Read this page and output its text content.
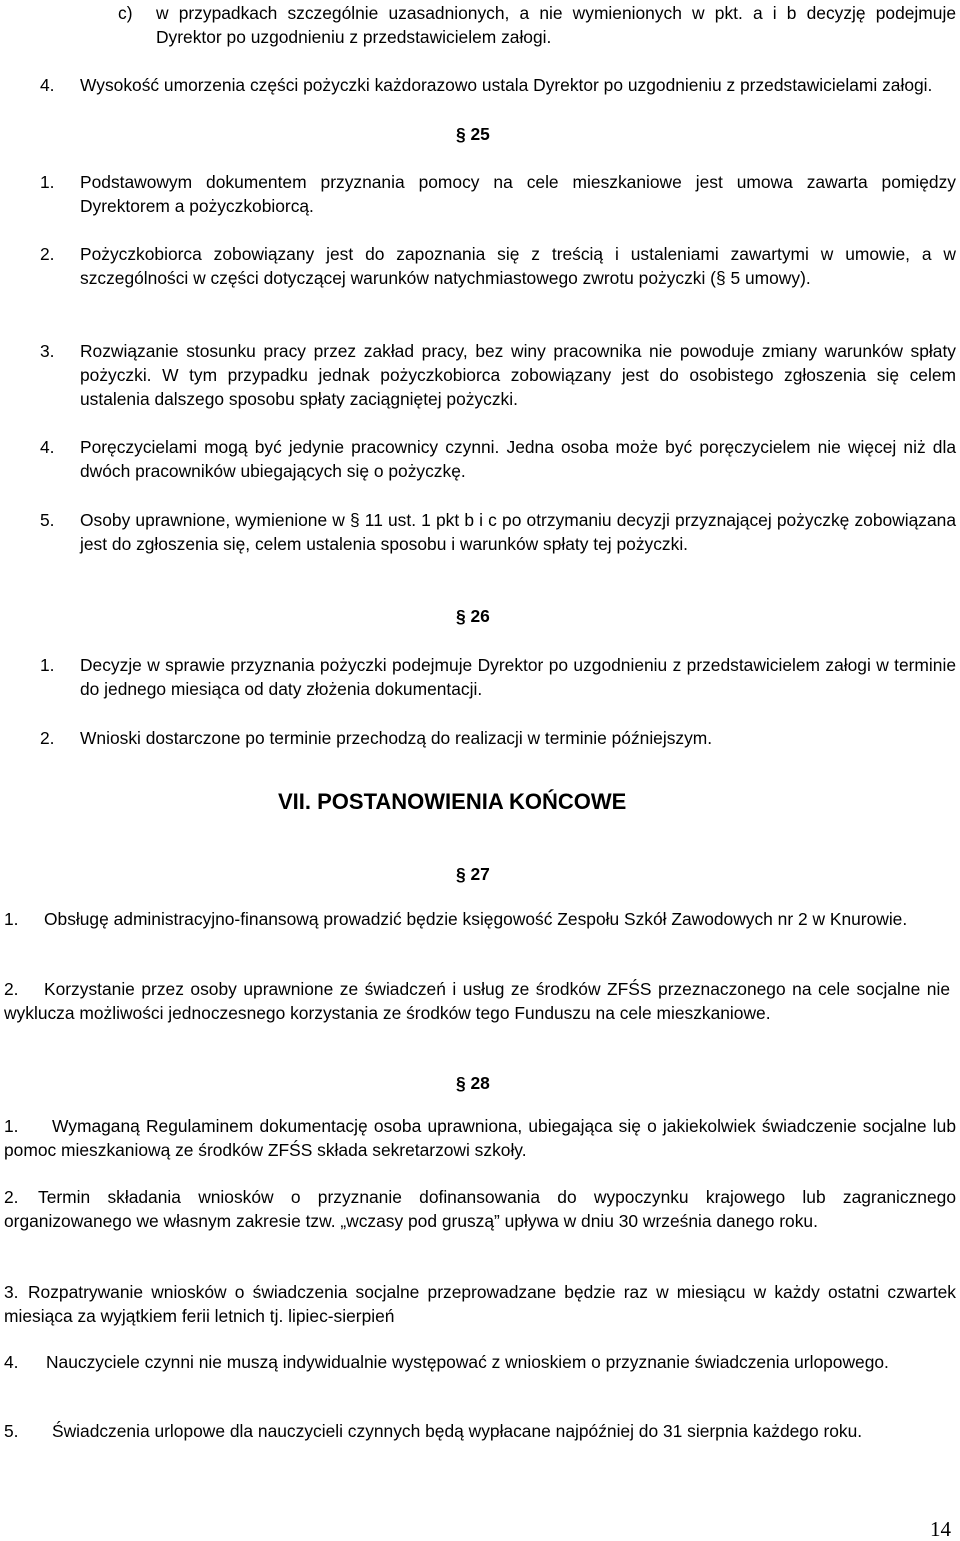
c) w przypadkach szczególnie uzasadnionych, a nie wymienionych w pkt. a i b decyzję podejmuje Dyrektor po uzgodnieniu z przedstawicielem załogi.
4. Wysokość umorzenia części pożyczki każdorazowo ustala Dyrektor po uzgodnieniu z przedstawicielami załogi.
§ 25
1. Podstawowym dokumentem przyznania pomocy na cele mieszkaniowe jest umowa zawarta pomiędzy Dyrektorem a pożyczkobiorcą.
2. Pożyczkobiorca zobowiązany jest do zapoznania się z treścią i ustaleniami zawartymi w umowie, a w szczególności w części dotyczącej warunków natychmiastowego zwrotu pożyczki (§ 5 umowy).
3. Rozwiązanie stosunku pracy przez zakład pracy, bez winy pracownika nie powoduje zmiany warunków spłaty pożyczki. W tym przypadku jednak pożyczkobiorca zobowiązany jest do osobistego zgłoszenia się celem ustalenia dalszego sposobu spłaty zaciągniętej pożyczki.
4. Poręczycielami mogą być jedynie pracownicy czynni. Jedna osoba może być poręczycielem nie więcej niż dla dwóch pracowników ubiegających się o pożyczkę.
5. Osoby uprawnione, wymienione w § 11 ust. 1 pkt b i c po otrzymaniu decyzji przyznającej pożyczkę zobowiązana jest do zgłoszenia się, celem ustalenia sposobu i warunków spłaty tej pożyczki.
§ 26
1. Decyzje w sprawie przyznania pożyczki podejmuje Dyrektor po uzgodnieniu z przedstawicielem załogi w terminie do jednego miesiąca od daty złożenia dokumentacji.
2. Wnioski dostarczone po terminie przechodzą do realizacji w terminie późniejszym.
VII. POSTANOWIENIA KOŃCOWE
§ 27
1. Obsługę administracyjno-finansową prowadzić będzie księgowość Zespołu Szkół Zawodowych nr 2 w Knurowie.
2. Korzystanie przez osoby uprawnione ze świadczeń i usług ze środków ZFŚS przeznaczonego na cele socjalne nie wyklucza możliwości jednoczesnego korzystania ze środków tego Funduszu na cele mieszkaniowe.
§ 28
1. Wymaganą Regulaminem dokumentację osoba uprawniona, ubiegająca się o jakiekolwiek świadczenie socjalne lub pomoc mieszkaniową ze środków ZFŚS składa sekretarzowi szkoły.
2. Termin składania wniosków o przyznanie dofinansowania do wypoczynku krajowego lub zagranicznego organizowanego we własnym zakresie tzw. „wczasy pod gruszą” upływa w dniu 30 września danego roku.
3. Rozpatrywanie wniosków o świadczenia socjalne przeprowadzane będzie raz w miesiącu w każdy ostatni czwartek miesiąca za wyjątkiem ferii letnich tj. lipiec-sierpień
4. Nauczyciele czynni nie muszą indywidualnie występować z wnioskiem o przyznanie świadczenia urlopowego.
5. Świadczenia urlopowe dla nauczycieli czynnych będą wypłacane najpóźniej do 31 sierpnia każdego roku.
14
